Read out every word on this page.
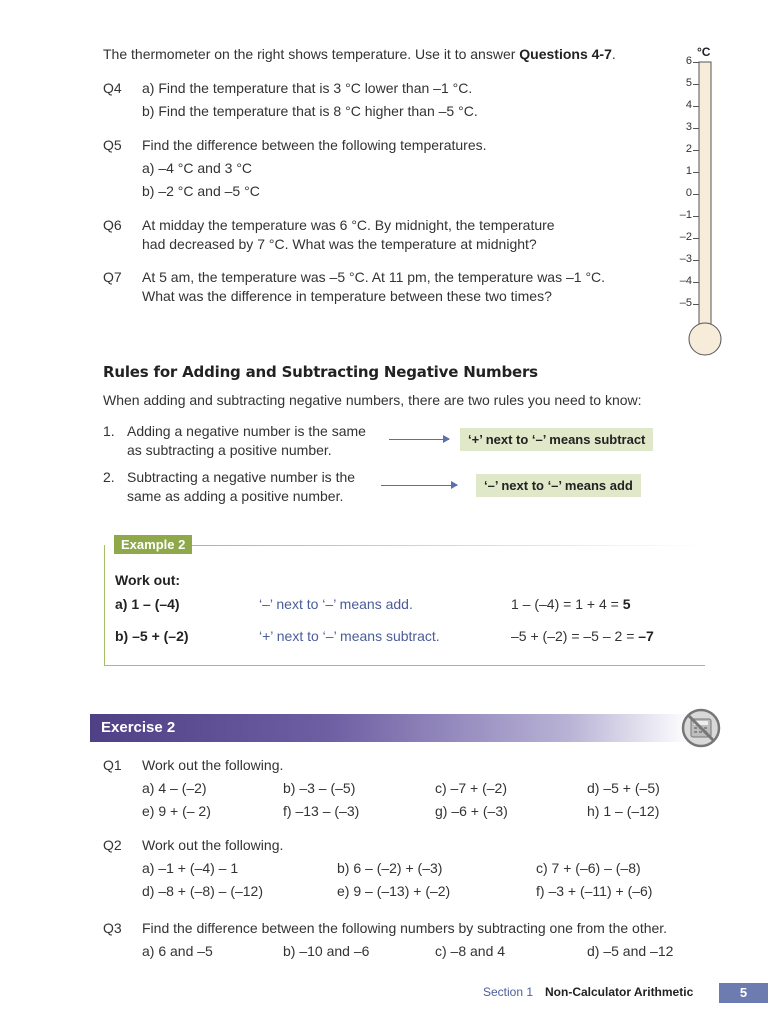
The thermometer on the right shows temperature. Use it to answer Questions 4-7.
Q4 a) Find the temperature that is 3 °C lower than –1 °C.
b) Find the temperature that is 8 °C higher than –5 °C.
Q5 Find the difference between the following temperatures.
a) –4 °C and 3 °C
b) –2 °C and –5 °C
Q6 At midday the temperature was 6 °C. By midnight, the temperature
had decreased by 7 °C. What was the temperature at midnight?
Q7 At 5 am, the temperature was –5 °C. At 11 pm, the temperature was –1 °C.
What was the difference in temperature between these two times?
°C
6
5
4
3
2
1
0
–1
–2
–3
–4
–5
Rules for Adding and Subtracting Negative Numbers
When adding and subtracting negative numbers, there are two rules you need to know:
1. Adding a negative number is the same
as subtracting a positive number.
‘+’ next to ‘–’ means subtract
2. Subtracting a negative number is the
same as adding a positive number.
‘–’ next to ‘–’ means add
Example 2
Work out:
a) 1 – (–4)	‘–’ next to ‘–’ means add.	1 – (–4) = 1 + 4 = 5
b) –5 + (–2)	‘+’ next to ‘–’ means subtract.	–5 + (–2) = –5 – 2 = –7
Exercise 2
Q1 Work out the following.
a) 4 – (–2)	b) –3 – (–5)	c) –7 + (–2)	d) –5 + (–5)
e) 9 + (– 2)	f) –13 – (–3)	g) –6 + (–3)	h) 1 – (–12)
Q2 Work out the following.
a) –1 + (–4) – 1	b) 6 – (–2) + (–3)	c) 7 + (–6) – (–8)
d) –8 + (–8) – (–12)	e) 9 – (–13) + (–2)	f) –3 + (–11) + (–6)
Q3 Find the difference between the following numbers by subtracting one from the other.
a) 6 and –5	b) –10 and –6	c) –8 and 4	d) –5 and –12
Section 1 Non-Calculator Arithmetic	5
